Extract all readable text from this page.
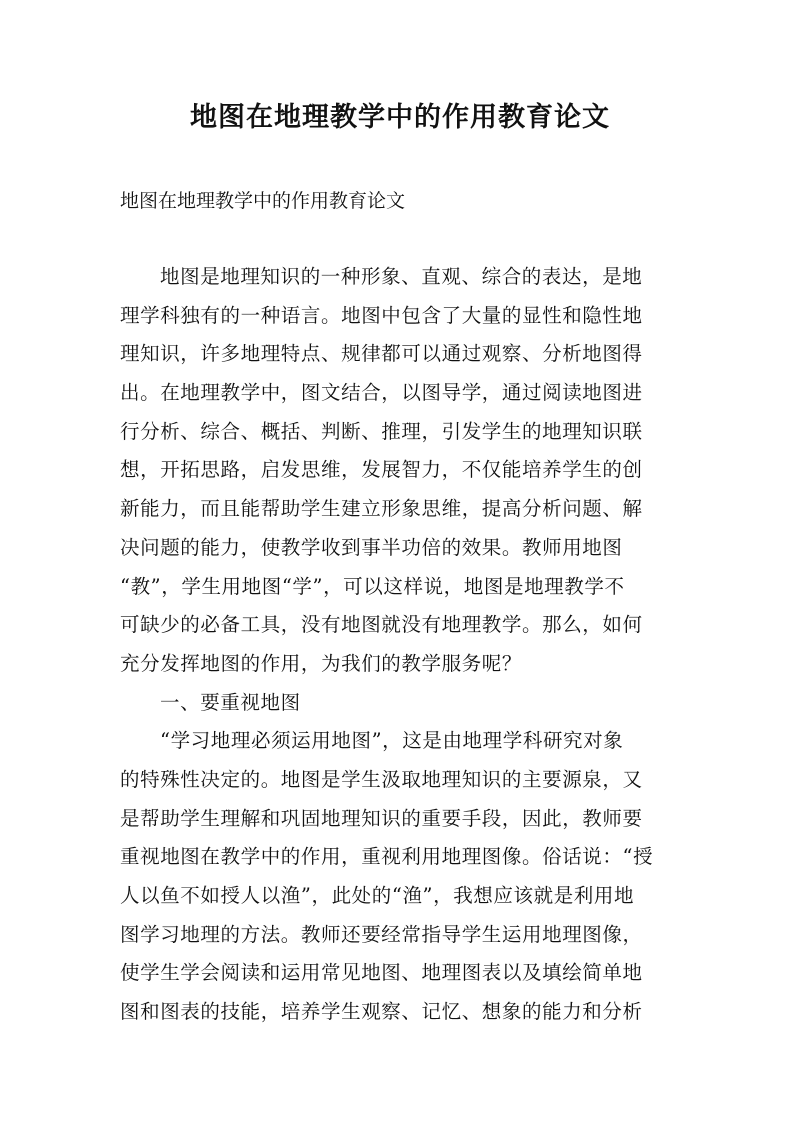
地图在地理教学中的作用教育论文
地图在地理教学中的作用教育论文
地图是地理知识的一种形象、直观、综合的表达，是地
理学科独有的一种语言。地图中包含了大量的显性和隐性地
理知识，许多地理特点、规律都可以通过观察、分析地图得
出。在地理教学中，图文结合，以图导学，通过阅读地图进
行分析、综合、概括、判断、推理，引发学生的地理知识联
想，开拓思路，启发思维，发展智力，不仅能培养学生的创
新能力，而且能帮助学生建立形象思维，提高分析问题、解
决问题的能力，使教学收到事半功倍的效果。教师用地图
“教”，学生用地图“学”，可以这样说，地图是地理教学不
可缺少的必备工具，没有地图就没有地理教学。那么，如何
充分发挥地图的作用，为我们的教学服务呢？
一、要重视地图
“学习地理必须运用地图”，这是由地理学科研究对象
的特殊性决定的。地图是学生汲取地理知识的主要源泉，又
是帮助学生理解和巩固地理知识的重要手段，因此，教师要
重视地图在教学中的作用，重视利用地理图像。俗话说：“授
人以鱼不如授人以渔”，此处的“渔”，我想应该就是利用地
图学习地理的方法。教师还要经常指导学生运用地理图像，
使学生学会阅读和运用常见地图、地理图表以及填绘简单地
图和图表的技能，培养学生观察、记忆、想象的能力和分析
